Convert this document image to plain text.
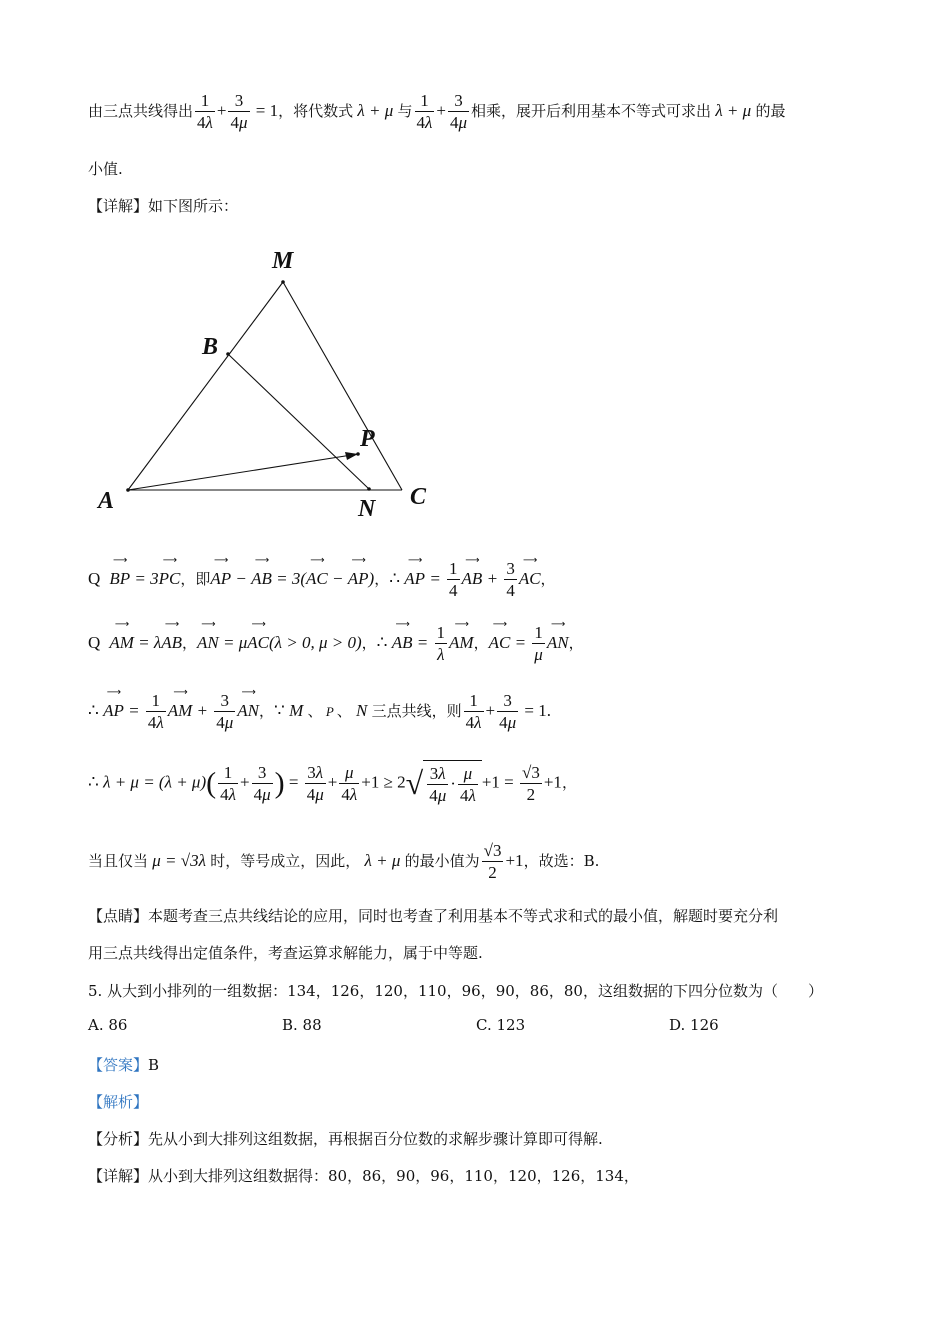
由三点共线得出 $\frac{1}{4\lambda} + \frac{3}{4\mu} = 1$，将代数式 λ + μ 与 $\frac{1}{4\lambda} + \frac{3}{4\mu}$ 相乘，展开后利用基本不等式可求出 λ + μ 的最
小值.
【详解】如下图所示：
M
B
P
A	N C
Q BP
⟶
= 3PC
⟶
，即AP
⟶
− AB
⟶
= 3(AC
⟶
− AP
⟶
)，∴ AP
⟶
= $\frac{1}{4}$ AB
⟶
+ $\frac{3}{4}$ AC
⟶
，
Q AM
⟶
= λAB
⟶
，AN
⟶
= μAC
⟶
(λ > 0, μ > 0)，∴ AB
⟶
= $\frac{1}{\lambda}$ AM
⟶
，AC
⟶
= $\frac{1}{\mu}$ AN
⟶
，
∴ AP
⟶
= $\frac{1}{4\lambda}$ AM
⟶
+ $\frac{3}{4\mu}$ AN
⟶
，∵ M 、 P 、 N 三点共线，则 $\frac{1}{4\lambda} + \frac{3}{4\mu} = 1$.
∴ $\lambda + \mu = (\lambda + \mu)( \frac{1}{4\lambda} + \frac{3}{4\mu}$ ) = $\frac{3\lambda}{4\mu} + \frac{\mu}{4\lambda} +1 \ge 2√ \frac{3\lambda}{4\mu} \cdot \frac{\mu}{4\lambda} +1 = \frac{√3}{2} +1$，
当且仅当 μ = √3λ 时，等号成立，因此， λ + μ 的最小值为 $\frac{√3}{2} +1$，故选：B.
【点睛】本题考查三点共线结论的应用，同时也考查了利用基本不等式求和式的最小值，解题时要充分利
用三点共线得出定值条件，考查运算求解能力，属于中等题.
5. 从大到小排列的一组数据：134，126，120，110，96，90，86，80，这组数据的下四分位数为（　　）
A. 86	B. 88	C. 123	D. 126
【答案】B
【解析】
【分析】先从小到大排列这组数据，再根据百分位数的求解步骤计算即可得解.
【详解】从小到大排列这组数据得：80，86，90，96，110，120，126，134，
